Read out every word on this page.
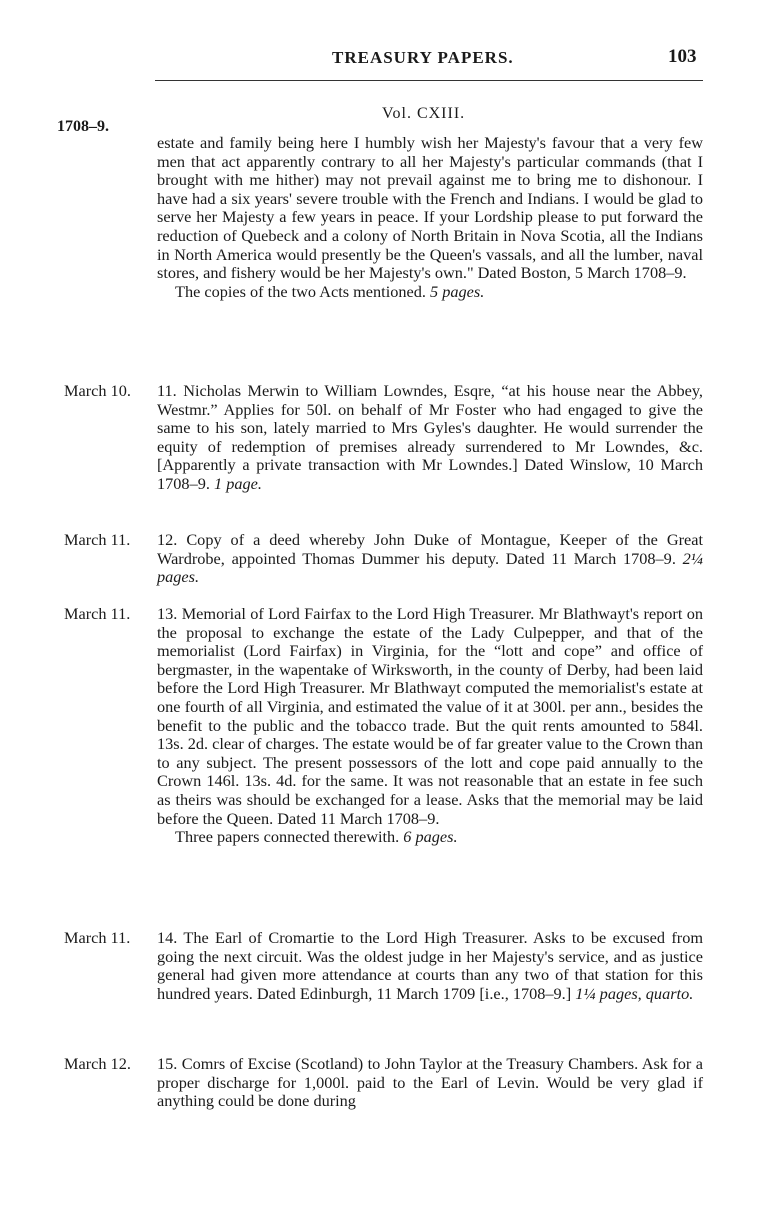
TREASURY PAPERS.	103
1708–9.
Vol. CXIII.

estate and family being here I humbly wish her Majesty's favour that a very few men that act apparently contrary to all her Majesty's particular commands (that I brought with me hither) may not prevail against me to bring me to dishonour. I have had a six years' severe trouble with the French and Indians. I would be glad to serve her Majesty a few years in peace. If your Lordship please to put forward the reduction of Quebeck and a colony of North Britain in Nova Scotia, all the Indians in North America would presently be the Queen's vassals, and all the lumber, naval stores, and fishery would be her Majesty's own." Dated Boston, 5 March 1708–9.

The copies of the two Acts mentioned. 5 pages.

March 10.	11. Nicholas Merwin to William Lowndes, Esqre, “at his house near the Abbey, Westmr.” Applies for 50l. on behalf of Mr Foster who had engaged to give the same to his son, lately married to Mrs Gyles's daughter. He would surrender the equity of redemption of premises already surrendered to Mr Lowndes, &c. [Apparently a private transaction with Mr Lowndes.] Dated Winslow, 10 March 1708–9. 1 page.

March 11.	12. Copy of a deed whereby John Duke of Montague, Keeper of the Great Wardrobe, appointed Thomas Dummer his deputy. Dated 11 March 1708–9. 2¼ pages.

March 11.	13. Memorial of Lord Fairfax to the Lord High Treasurer. Mr Blathwayt's report on the proposal to exchange the estate of the Lady Culpepper, and that of the memorialist (Lord Fairfax) in Virginia, for the “lott and cope” and office of bergmaster, in the wapentake of Wirksworth, in the county of Derby, had been laid before the Lord High Treasurer. Mr Blathwayt computed the memorialist's estate at one fourth of all Virginia, and estimated the value of it at 300l. per ann., besides the benefit to the public and the tobacco trade. But the quit rents amounted to 584l. 13s. 2d. clear of charges. The estate would be of far greater value to the Crown than to any subject. The present possessors of the lott and cope paid annually to the Crown 146l. 13s. 4d. for the same. It was not reasonable that an estate in fee such as theirs was should be exchanged for a lease. Asks that the memorial may be laid before the Queen. Dated 11 March 1708–9.

Three papers connected therewith. 6 pages.

March 11.	14. The Earl of Cromartie to the Lord High Treasurer. Asks to be excused from going the next circuit. Was the oldest judge in her Majesty's service, and as justice general had given more attendance at courts than any two of that station for this hundred years. Dated Edinburgh, 11 March 1709 [i.e., 1708–9.] 1¼ pages, quarto.

March 12.	15. Comrs of Excise (Scotland) to John Taylor at the Treasury Chambers. Ask for a proper discharge for 1,000l. paid to the Earl of Levin. Would be very glad if anything could be done during
